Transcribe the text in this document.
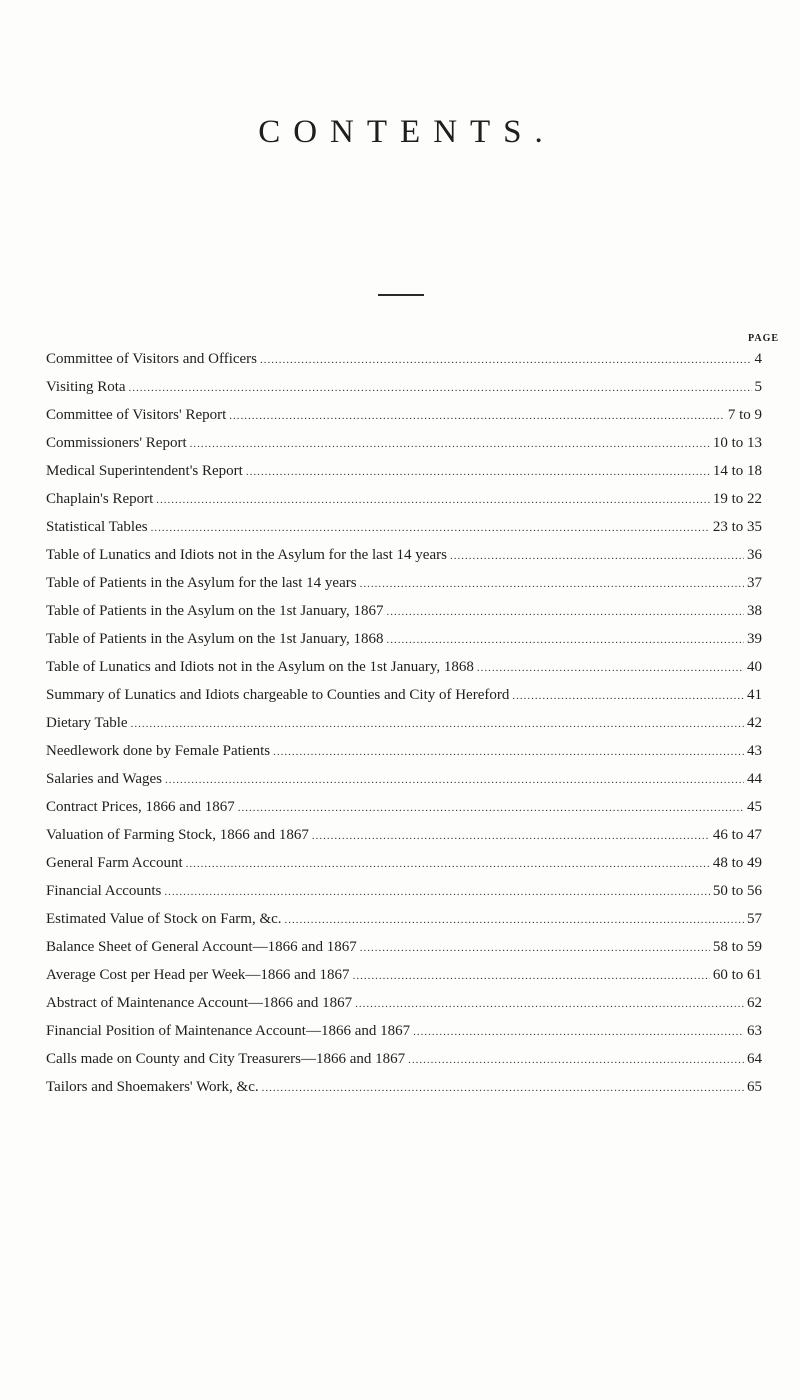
CONTENTS.
PAGE
Committee of Visitors and Officers .....	4
Visiting Rota .....	5
Committee of Visitors' Report .....	7 to 9
Commissioners' Report .....	10 to 13
Medical Superintendent's Report .....	14 to 18
Chaplain's Report .....	19 to 22
Statistical Tables .....	23 to 35
Table of Lunatics and Idiots not in the Asylum for the last 14 years .....	36
Table of Patients in the Asylum for the last 14 years .....	37
Table of Patients in the Asylum on the 1st January, 1867 .....	38
Table of Patients in the Asylum on the 1st January, 1868 .....	39
Table of Lunatics and Idiots not in the Asylum on the 1st January, 1868 .....	40
Summary of Lunatics and Idiots chargeable to Counties and City of Hereford .....	41
Dietary Table .....	42
Needlework done by Female Patients .....	43
Salaries and Wages .....	44
Contract Prices, 1866 and 1867 .....	45
Valuation of Farming Stock, 1866 and 1867 .....	46 to 47
General Farm Account .....	48 to 49
Financial Accounts .....	50 to 56
Estimated Value of Stock on Farm, &c. .....	57
Balance Sheet of General Account—1866 and 1867 .....	58 to 59
Average Cost per Head per Week—1866 and 1867 .....	60 to 61
Abstract of Maintenance Account—1866 and 1867 .....	62
Financial Position of Maintenance Account—1866 and 1867 .....	63
Calls made on County and City Treasurers—1866 and 1867 .....	64
Tailors and Shoemakers' Work, &c. .....	65
